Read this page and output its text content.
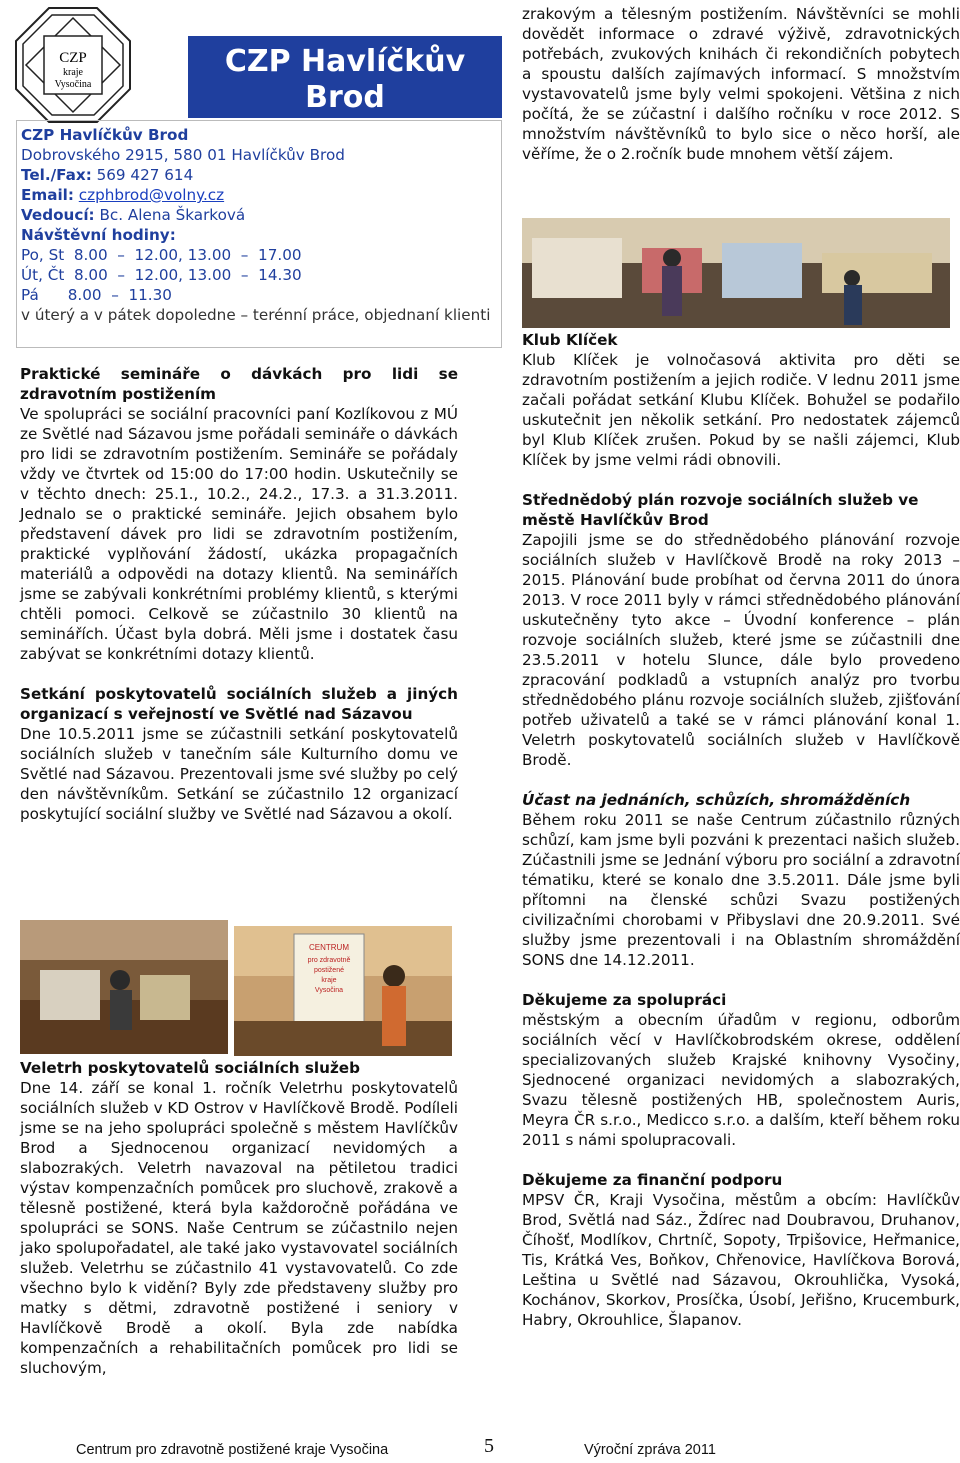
CZP
kraje
Vysočina
CZP Havlíčkův
Brod
CZP Havlíčkův Brod
Dobrovského 2915, 580 01 Havlíčkův Brod
Tel./Fax: 569 427 614
Email: czphbrod@volny.cz
Vedoucí: Bc. Alena Škarková
Návštěvní hodiny:
Po, St  8.00  –  12.00, 13.00  –  17.00
Út, Čt  8.00  –  12.00, 13.00  –  14.30
Pá      8.00  –  11.30

v úterý a v pátek dopoledne – terénní práce, objednaní klienti

Praktické semináře o dávkách pro lidi se zdravotním postižením

Ve spolupráci se sociální pracovníci paní Kozlíkovou z MÚ ze Světlé nad Sázavou jsme pořádali semináře o dávkách pro lidi se zdravotním postižením. Semináře se pořádaly vždy ve čtvrtek od 15:00 do 17:00 hodin. Uskutečnily se v těchto dnech: 25.1., 10.2., 24.2., 17.3. a 31.3.2011. Jednalo se o praktické semináře. Jejich obsahem bylo představení dávek pro lidi se zdravotním postižením, praktické vyplňování žádostí, ukázka propagačních materiálů a odpovědi na dotazy klientů. Na seminářích jsme se zabývali konkrétními problémy klientů, s kterými chtěli pomoci. Celkově se zúčastnilo 30 klientů na seminářích. Účast byla dobrá. Měli jsme i dostatek času zabývat se konkrétními dotazy klientů.

Setkání poskytovatelů sociálních služeb a jiných organizací s veřejností ve Světlé nad Sázavou

Dne 10.5.2011 jsme se zúčastnili setkání poskytovatelů sociálních služeb v tanečním sále Kulturního domu ve Světlé nad Sázavou. Prezentovali jsme své služby po celý den návštěvníkům. Setkání se zúčastnilo 12 organizací poskytující sociální služby ve Světlé nad Sázavou a okolí.

CENTRUM
pro zdravotně
postižené
kraje
Vysočina
Veletrh poskytovatelů sociálních služeb

Dne 14. září se konal 1. ročník Veletrhu poskytovatelů sociálních služeb v KD Ostrov v Havlíčkově Brodě. Podíleli jsme se na jeho spolupráci společně s městem Havlíčkův Brod a Sjednocenou organizací nevidomých a slabozrakých. Veletrh navazoval na pětiletou tradici výstav kompenzačních pomůcek pro sluchově, zrakově a tělesně postižené, která byla každoročně pořádána ve spolupráci se SONS. Naše Centrum se zúčastnilo nejen jako spolupořadatel, ale také jako vystavovatel sociálních služeb. Veletrhu se zúčastnilo 41 vystavovatelů. Co zde všechno bylo k vidění? Byly zde představeny služby pro matky s dětmi, zdravotně postižené i seniory v Havlíčkově Brodě a okolí. Byla zde nabídka kompenzačních a rehabilitačních pomůcek pro lidi se sluchovým,

zrakovým a tělesným postižením. Návštěvníci se mohli dovědět informace o zdravé výživě, zdravotnických potřebách, zvukových knihách či rekondičních pobytech a spoustu dalších zajímavých informací. S množstvím vystavovatelů jsme byly velmi spokojeni. Většina z nich počítá, že se zúčastní i dalšího ročníku v roce 2012. S množstvím návštěvníků to bylo sice o něco horší, ale věříme, že o 2.ročník bude mnohem větší zájem.

Klub Klíček

Klub Klíček je volnočasová aktivita pro děti se zdravotním postižením a jejich rodiče. V lednu 2011 jsme začali pořádat setkání Klubu Klíček. Bohužel se podařilo uskutečnit jen několik setkání. Pro nedostatek zájemců byl Klub Klíček zrušen. Pokud by se našli zájemci, Klub Klíček by jsme velmi rádi obnovili.

Střednědobý plán rozvoje sociálních služeb ve městě Havlíčkův Brod

Zapojili jsme se do střednědobého plánování rozvoje sociálních služeb v Havlíčkově Brodě na roky 2013 – 2015. Plánování bude probíhat od června 2011 do února 2013. V roce 2011 byly v rámci střednědobého plánování uskutečněny tyto akce – Úvodní konference – plán rozvoje sociálních služeb, které jsme se zúčastnili dne 23.5.2011 v hotelu Slunce, dále bylo provedeno zpracování podkladů a vstupních analýz pro tvorbu střednědobého plánu rozvoje sociálních služeb, zjišťování potřeb uživatelů a také se v rámci plánování konal 1. Veletrh poskytovatelů sociálních služeb v Havlíčkově Brodě.

Účast na jednáních, schůzích, shromážděních

Během roku 2011 se naše Centrum zúčastnilo různých schůzí, kam jsme byli pozváni k prezentaci našich služeb. Zúčastnili jsme se Jednání výboru pro sociální a zdravotní tématiku, které se konalo dne 3.5.2011. Dále jsme byli přítomni na členské schůzi Svazu postižených civilizačními chorobami v Přibyslavi dne 20.9.2011. Své služby jsme prezentovali i na Oblastním shromáždění SONS dne 14.12.2011.

Děkujeme za spolupráci

městským a obecním úřadům v regionu, odborům sociálních věcí v Havlíčkobrodském okrese, oddělení specializovaných služeb Krajské knihovny Vysočiny, Sjednocené organizaci nevidomých a slabozrakých, Svazu tělesně postižených HB, společnostem Auris, Meyra ČR s.r.o., Medicco s.r.o. a dalším, kteří během roku 2011 s námi spolupracovali.

Děkujeme za finanční podporu

MPSV ČR, Kraji Vysočina, městům a obcím: Havlíčkův Brod, Světlá nad Sáz., Ždírec nad Doubravou, Druhanov, Číhošť, Modlíkov, Chrtníč, Sopoty, Trpišovice, Heřmanice, Tis, Krátká Ves, Boňkov, Chřenovice, Havlíčkova Borová, Leština u Světlé nad Sázavou, Okrouhlička, Vysoká, Kochánov, Skorkov, Prosíčka, Úsobí, Jeřišno, Krucemburk, Habry, Okrouhlice, Šlapanov.

Centrum pro zdravotně postižené kraje Vysočina	5	Výroční zpráva 2011
